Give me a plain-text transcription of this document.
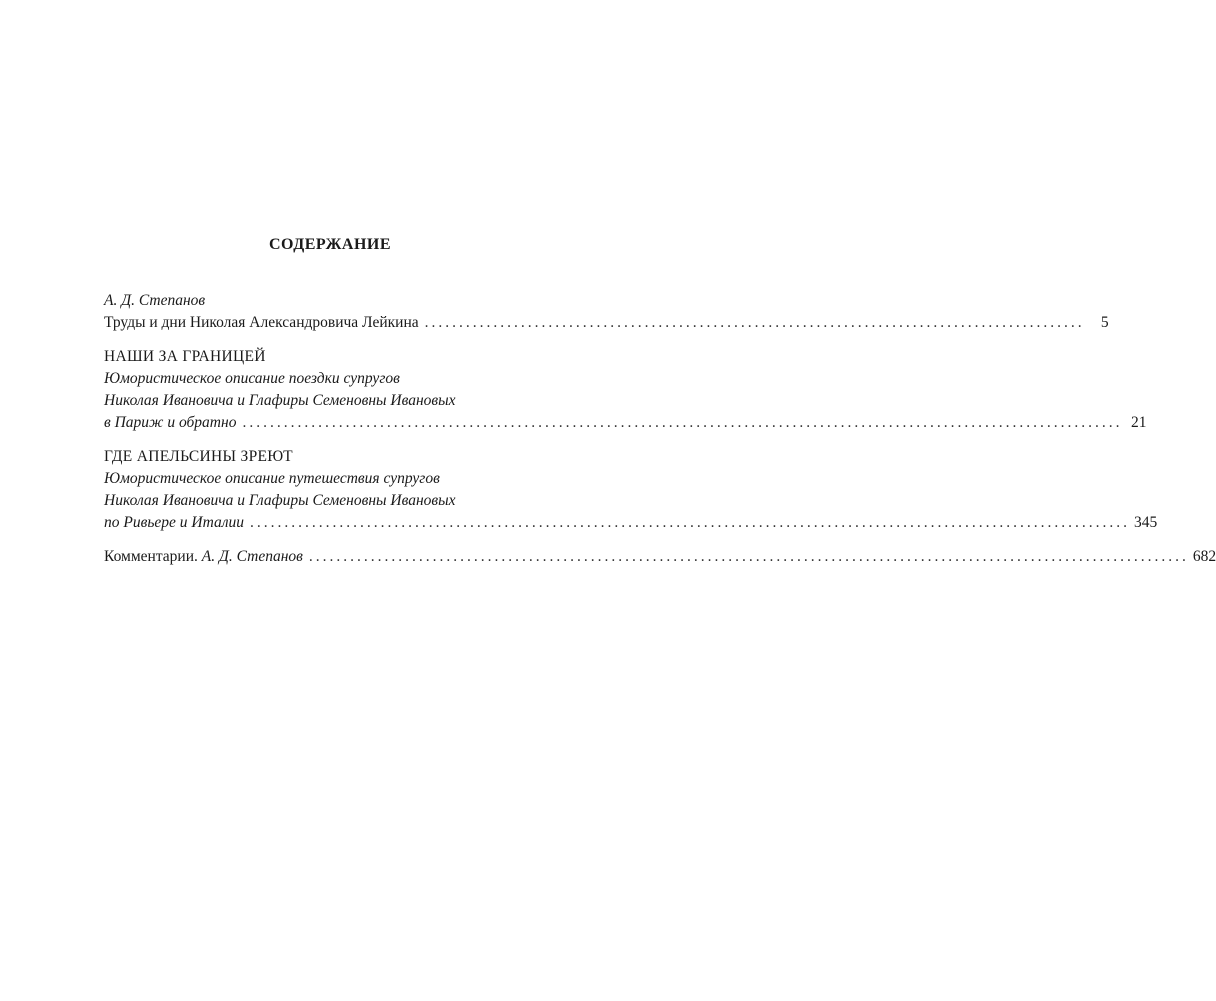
СОДЕРЖАНИЕ
А. Д. Степанов
Труды и дни Николая Александровича Лейкина ................................................................................................	5
НАШИ ЗА ГРАНИЦЕЙ
Юмористическое описание поездки супругов
Николая Ивановича и Глафиры Семеновны Ивановых
в Париж и обратно ................................................................................................................................ 21
ГДЕ АПЕЛЬСИНЫ ЗРЕЮТ
Юмористическое описание путешествия супругов
Николая Ивановича и Глафиры Семеновны Ивановых
по Ривьере и Италии ................................................................................................................................ 345
Комментарии. А. Д. Степанов ................................................................................................................................ 682
